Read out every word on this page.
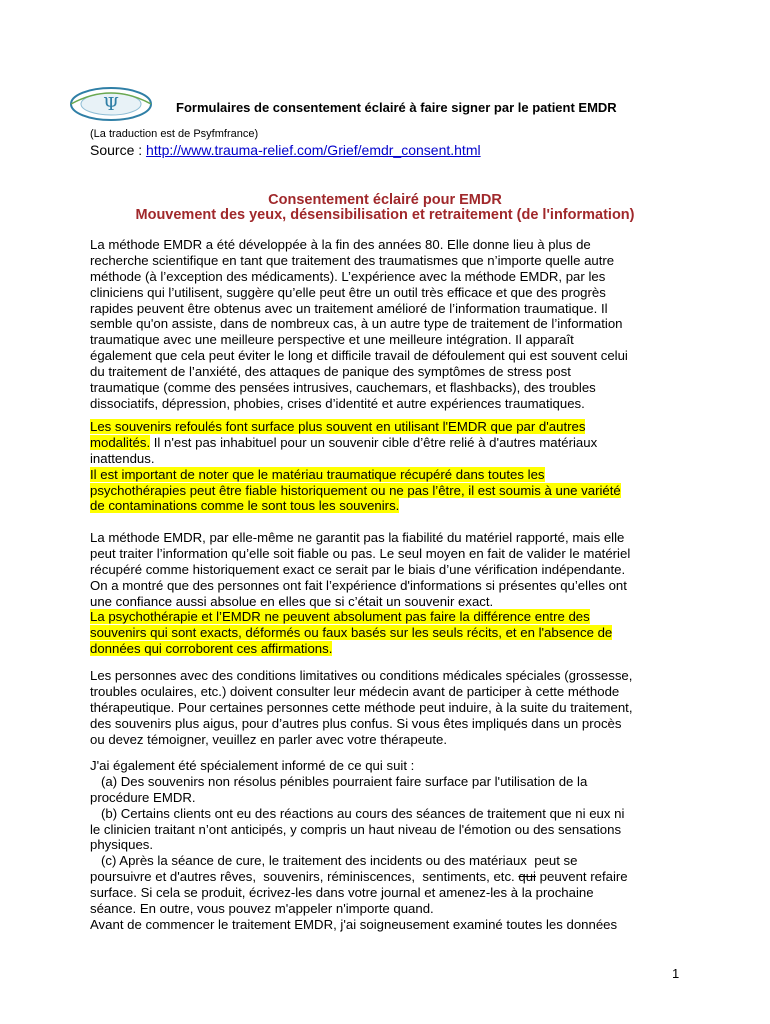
Ψ	Formulaires de consentement éclairé à faire signer par le patient EMDR
(La traduction est de Psyfmfrance)
Source : http://www.trauma-relief.com/Grief/emdr_consent.html
Consentement éclairé pour EMDR
Mouvement des yeux, désensibilisation et retraitement (de l'information)
La méthode EMDR a été développée à la fin des années 80. Elle donne lieu à plus de
recherche scientifique en tant que traitement des traumatismes que n’importe quelle autre
méthode (à l’exception des médicaments). L’expérience avec la méthode EMDR, par les
cliniciens qui l’utilisent, suggère qu’elle peut être un outil très efficace et que des progrès
rapides peuvent être obtenus avec un traitement amélioré de l’information traumatique. Il
semble qu'on assiste, dans de nombreux cas, à un autre type de traitement de l’information
traumatique avec une meilleure perspective et une meilleure intégration. Il apparaît
également que cela peut éviter le long et difficile travail de défoulement qui est souvent celui
du traitement de l’anxiété, des attaques de panique des symptômes de stress post
traumatique (comme des pensées intrusives, cauchemars, et flashbacks), des troubles
dissociatifs, dépression, phobies, crises d’identité et autre expériences traumatiques.
Les souvenirs refoulés font surface plus souvent en utilisant l'EMDR que par d'autres
modalités. Il n'est pas inhabituel pour un souvenir cible d’être relié à d'autres matériaux
inattendus.
Il est important de noter que le matériau traumatique récupéré dans toutes les
psychothérapies peut être fiable historiquement ou ne pas l’être, il est soumis à une variété
de contaminations comme le sont tous les souvenirs.
La méthode EMDR, par elle-même ne garantit pas la fiabilité du matériel rapporté, mais elle
peut traiter l’information qu’elle soit fiable ou pas. Le seul moyen en fait de valider le matériel
récupéré comme historiquement exact ce serait par le biais d’une vérification indépendante.
On a montré que des personnes ont fait l’expérience d'informations si présentes qu’elles ont
une confiance aussi absolue en elles que si c’était un souvenir exact.
La psychothérapie et l’EMDR ne peuvent absolument pas faire la différence entre des
souvenirs qui sont exacts, déformés ou faux basés sur les seuls récits, et en l'absence de
données qui corroborent ces affirmations.
Les personnes avec des conditions limitatives ou conditions médicales spéciales (grossesse,
troubles oculaires, etc.) doivent consulter leur médecin avant de participer à cette méthode
thérapeutique. Pour certaines personnes cette méthode peut induire, à la suite du traitement,
des souvenirs plus aigus, pour d’autres plus confus. Si vous êtes impliqués dans un procès
ou devez témoigner, veuillez en parler avec votre thérapeute.
J'ai également été spécialement informé de ce qui suit :
(a) Des souvenirs non résolus pénibles pourraient faire surface par l'utilisation de la
procédure EMDR.
(b) Certains clients ont eu des réactions au cours des séances de traitement que ni eux ni
le clinicien traitant n’ont anticipés, y compris un haut niveau de l'émotion ou des sensations
physiques.
(c) Après la séance de cure, le traitement des incidents ou des matériaux  peut se
poursuivre et d'autres rêves,  souvenirs, réminiscences,  sentiments, etc. qui peuvent refaire
surface. Si cela se produit, écrivez-les dans votre journal et amenez-les à la prochaine
séance. En outre, vous pouvez m'appeler n'importe quand.
Avant de commencer le traitement EMDR, j'ai soigneusement examiné toutes les données
1
